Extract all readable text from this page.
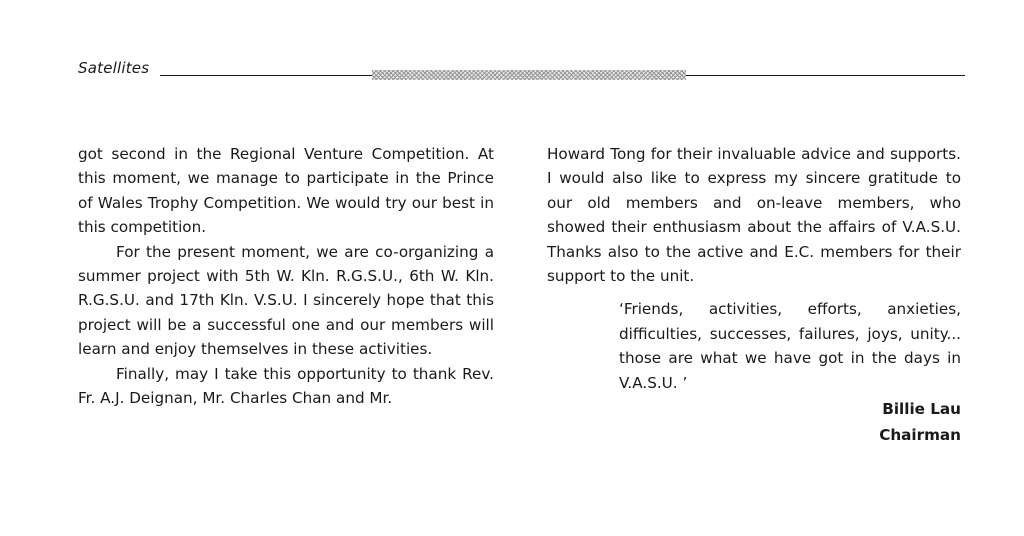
Satellites

got second in the Regional Venture Competition. At this moment, we manage to participate in the Prince of Wales Trophy Competition. We would try our best in this competition.

For the present moment, we are co-organizing a summer project with 5th W. Kln. R.G.S.U., 6th W. Kln. R.G.S.U. and 17th Kln. V.S.U. I sincerely hope that this project will be a successful one and our members will learn and enjoy themselves in these activities.

Finally, may I take this opportunity to thank Rev. Fr. A.J. Deignan, Mr. Charles Chan and Mr.

Howard Tong for their invaluable advice and supports. I would also like to express my sincere gratitude to our old members and on-leave members, who showed their enthusiasm about the affairs of V.A.S.U. Thanks also to the active and E.C. members for their support to the unit.

‘Friends, activities, efforts, anxieties, difficulties, successes, failures, joys, unity... those are what we have got in the days in V.A.S.U. ’

Billie Lau
Chairman
